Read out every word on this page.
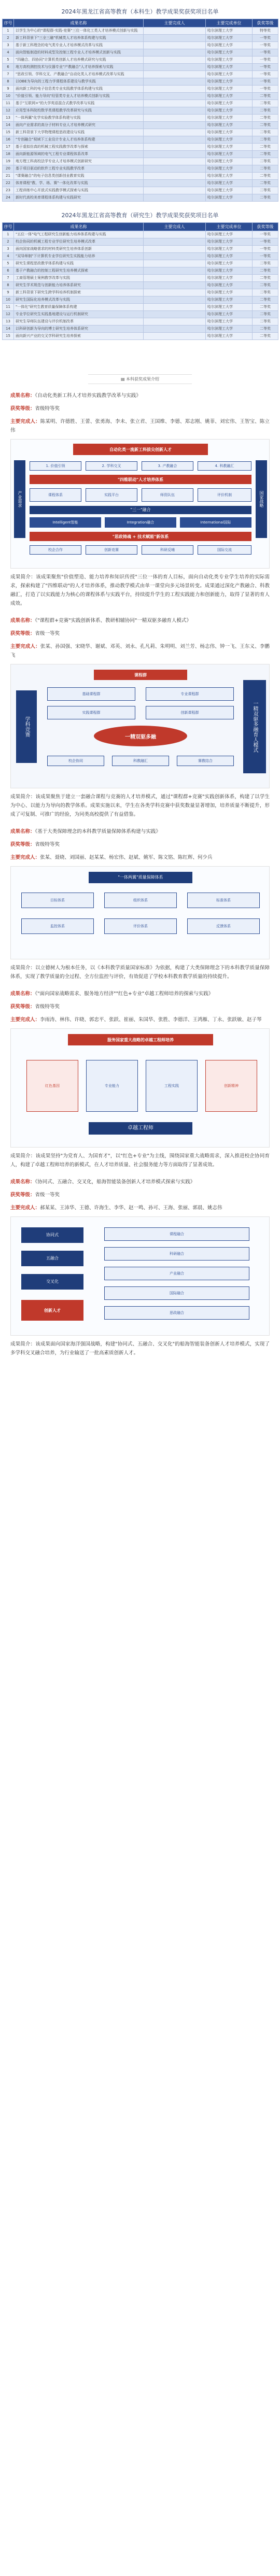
2024年黑龙江省高等教育（本科生）教学成果奖获奖项目名单
序号	成果名称	主要完成人	主要完成单位	获奖等级
1	以学生为中心的"课程群-实践-竞赛"三位一体化工类人才培养模式创新与实践		哈尔滨理工大学	特等奖
2	新工科背景下"三全三融"机械类人才培养体系构建与实践		哈尔滨理工大学	一等奖
3	基于新工科理念的电气类专业人才培养模式改革与实践		哈尔滨理工大学	一等奖
4	面向智能制造的材料成型及控制工程专业人才培养模式创新与实践		哈尔滨理工大学	一等奖
5	"四融合、四协同"计算机类创新人才培养模式研究与实践		哈尔滨理工大学	一等奖
6	地方高校测控技术与仪器专业"产教融合"人才培养探索与实践		哈尔滨理工大学	一等奖
7	"思政引领、学科交叉、产教融合"自动化类人才培养模式改革与实践		哈尔滨理工大学	一等奖
8	以OBE为导向的工程力学课程体系建设与教学实践		哈尔滨理工大学	一等奖
9	面向新工科的电子信息类专业实践教学体系构建与实践		哈尔滨理工大学	一等奖
10	"价值引领、能力导向"经管类专业人才培养模式创新与实践		哈尔滨理工大学	二等奖
11	基于"互联网+"的大学英语混合式教学改革与实践		哈尔滨理工大学	二等奖
12	应用型本科院校数学类课程教学改革研究与实践		哈尔滨理工大学	二等奖
13	"一体两翼"化学实验教学体系构建与实践		哈尔滨理工大学	二等奖
14	面向产业需求的高分子材料专业人才培养模式研究		哈尔滨理工大学	二等奖
15	新工科背景下大学物理课程思政建设与实践		哈尔滨理工大学	二等奖
16	"专创融合"视域下工业设计专业人才培养体系构建		哈尔滨理工大学	二等奖
17	基于虚拟仿真的机械工程实践教学改革与探索		哈尔滨理工大学	二等奖
18	面向新能源领域的电气工程专业课程体系改革		哈尔滨理工大学	二等奖
19	地方理工科高校法学专业人才培养模式创新研究		哈尔滨理工大学	二等奖
20	基于项目驱动的软件工程专业实践教学改革		哈尔滨理工大学	二等奖
21	"课赛融合"的电子信息类创新创业教育实践		哈尔滨理工大学	二等奖
22	体育课程"教、学、练、赛"一体化改革与实践		哈尔滨理工大学	二等奖
23	工程训练中心开放式实践教学模式探索与实践		哈尔滨理工大学	二等奖
24	新时代高校美育课程体系构建与实践研究		哈尔滨理工大学	二等奖
2024年黑龙江省高等教育（研究生）教学成果奖获奖项目名单
序号	成果名称	主要完成人	主要完成单位	获奖等级
1	"五位一体"电气工程研究生创新能力培养体系构建与实践		哈尔滨理工大学	一等奖
2	校企协同的机械工程专业学位研究生培养模式改革		哈尔滨理工大学	一等奖
3	面向国家战略需求的材料类研究生培养体系创新		哈尔滨理工大学	一等奖
4	"双导师制"下计算机专业学位研究生实践能力培养		哈尔滨理工大学	一等奖
5	研究生课程思政教学体系构建与实践		哈尔滨理工大学	二等奖
6	基于产教融合的控制工程研究生培养模式探索		哈尔滨理工大学	二等奖
7	工商管理硕士案例教学改革与实践		哈尔滨理工大学	二等奖
8	研究生学术规范与创新能力培养体系研究		哈尔滨理工大学	二等奖
9	新工科背景下研究生跨学科培养机制探索		哈尔滨理工大学	二等奖
10	研究生国际化培养模式改革与实践		哈尔滨理工大学	二等奖
11	"一体化"研究生教育质量保障体系构建		哈尔滨理工大学	二等奖
12	专业学位研究生实践基地建设与运行机制研究		哈尔滨理工大学	二等奖
13	研究生导师队伍建设与评价机制改革		哈尔滨理工大学	二等奖
14	以科研创新为导向的博士研究生培养体系研究		哈尔滨理工大学	二等奖
15	面向新兴产业的交叉学科研究生培养探索		哈尔滨理工大学	二等奖
▤ 本科获奖成果介绍

成果名称：《自动化类新工科人才培养实践教学改革与实践》

获奖等级：省级特等奖

主要完成人：陈某明、许德胜、王蕾、张勇海、李未、张立君、王国维、李德、郑志刚、姚菲、刘宏伟、王智宝、陈立伟

自动化类一流新工科拔尖创新人才
产业需求	国家战略
1. 价值引领	2. 学科交叉	3. 产教融合	4. 科教融汇
"四维联动"人才培养体系
课程体系	实践平台	师资队伍	评价机制
"三一"融合
Intelligent智能	Integration融合	International国际
"思政铸魂 + 技术赋能"新体系
校企合作	创新竞赛	科研反哺	国际交流

成果简介：该成果聚焦"价值塑造、能力培养和知识传授"三位一体的育人目标，面向自动化类专业学生培养的实际需求，探索构建了"四维联动"的人才培养体系，推动教学模式由单一课堂向多元场景转变。成果通过深化产教融合、科教融汇，打造了以实践能力为核心的课程体系与实践平台，持续提升学生的工程实践能力和创新能力，取得了显著的育人成效。

成果名称：《"课程群+竞赛"实践创新体系、教研相辅协同"一精双驱多融育人模式》

获奖等级：省级一等奖

主要完成人：张某、孙国强、宋晓华、谢斌、邓英、刘永、孔凡莉、朱明明、刘兰芳、杨志伟、钟一飞、王东义、李鹏飞

学科竞赛
课程群
基础课程群	专业课程群
实践课程群	创新课程群
一精双驱多融
校企协同	科教融汇	赛教结合
一精双驱多融育人模式

成果简介：该成果聚焦于建立一套融合课程与竞赛的人才培养模式，通过"课程群+竞赛"实践创新体系，构建了以学生为中心、以能力为导向的教学体系。成果实施以来，学生在各类学科竞赛中获奖数量显著增加，培养质量不断提升，形成了可复制、可推广的经验，为同类高校提供了有益借鉴。

成果名称：《基于大类保障理念的本科教学质量保障体系构建与实践》

获奖等级：省级特等奖

主要完成人：张某、聂晓、刘国丽、赵某某、杨宏伟、赵斌、姚军、陈文铭、陈红辉、何少兵

"一体两翼"质量保障体系
目标体系	组织体系	标准体系
监控体系	评价体系	反馈体系

成果简介：以立德树人为根本任务，以《本科教学质量国家标准》为依据，构建了大类保障理念下的本科教学质量保障体系，实现了教学质量的全过程、全方位监控与评价，有效促进了学校本科教育教学质量的持续提升。

成果名称：《"面向国家战略需求、服务地方经济""红色+专业"卓越工程师培养的探索与实践》

获奖等级：省级特等奖

主要完成人：李雨涛、林伟、许晓、郭忠平、张跃、崔丽、朱国华、张胜、李德洋、王鸿雁、丁永、张跃敏、赵子琴

服务国家重大战略的卓越工程师培养
红色基因	专业能力	工程实践	创新精神
卓越工程师

成果简介：该成果坚持"为党育人、为国育才"，以"红色+专业"为主线，围绕国家重大战略需求，深入推进校企协同育人，构建了卓越工程师培养的新模式，在人才培养质量、社会服务能力等方面取得了显著成效。

成果名称：《协同式、五融合、交叉化，船海智能装备创新人才培养模式探索与实践》

获奖等级：省级一等奖

主要完成人：郝某某、王沛华、王德、许海生、李华、赵一鸣、孙可、王海、张丽、郭晨、姚志伟

协同式
五融合
交叉化
创新人才
课程融合
科研融合
产业融合
国际融合
思政融合

成果简介：该成果面向国家海洋强国战略，构建"协同式、五融合、交叉化"的船海智能装备创新人才培养模式，实现了多学科交叉融合培养，为行业输送了一批高素质创新人才。
